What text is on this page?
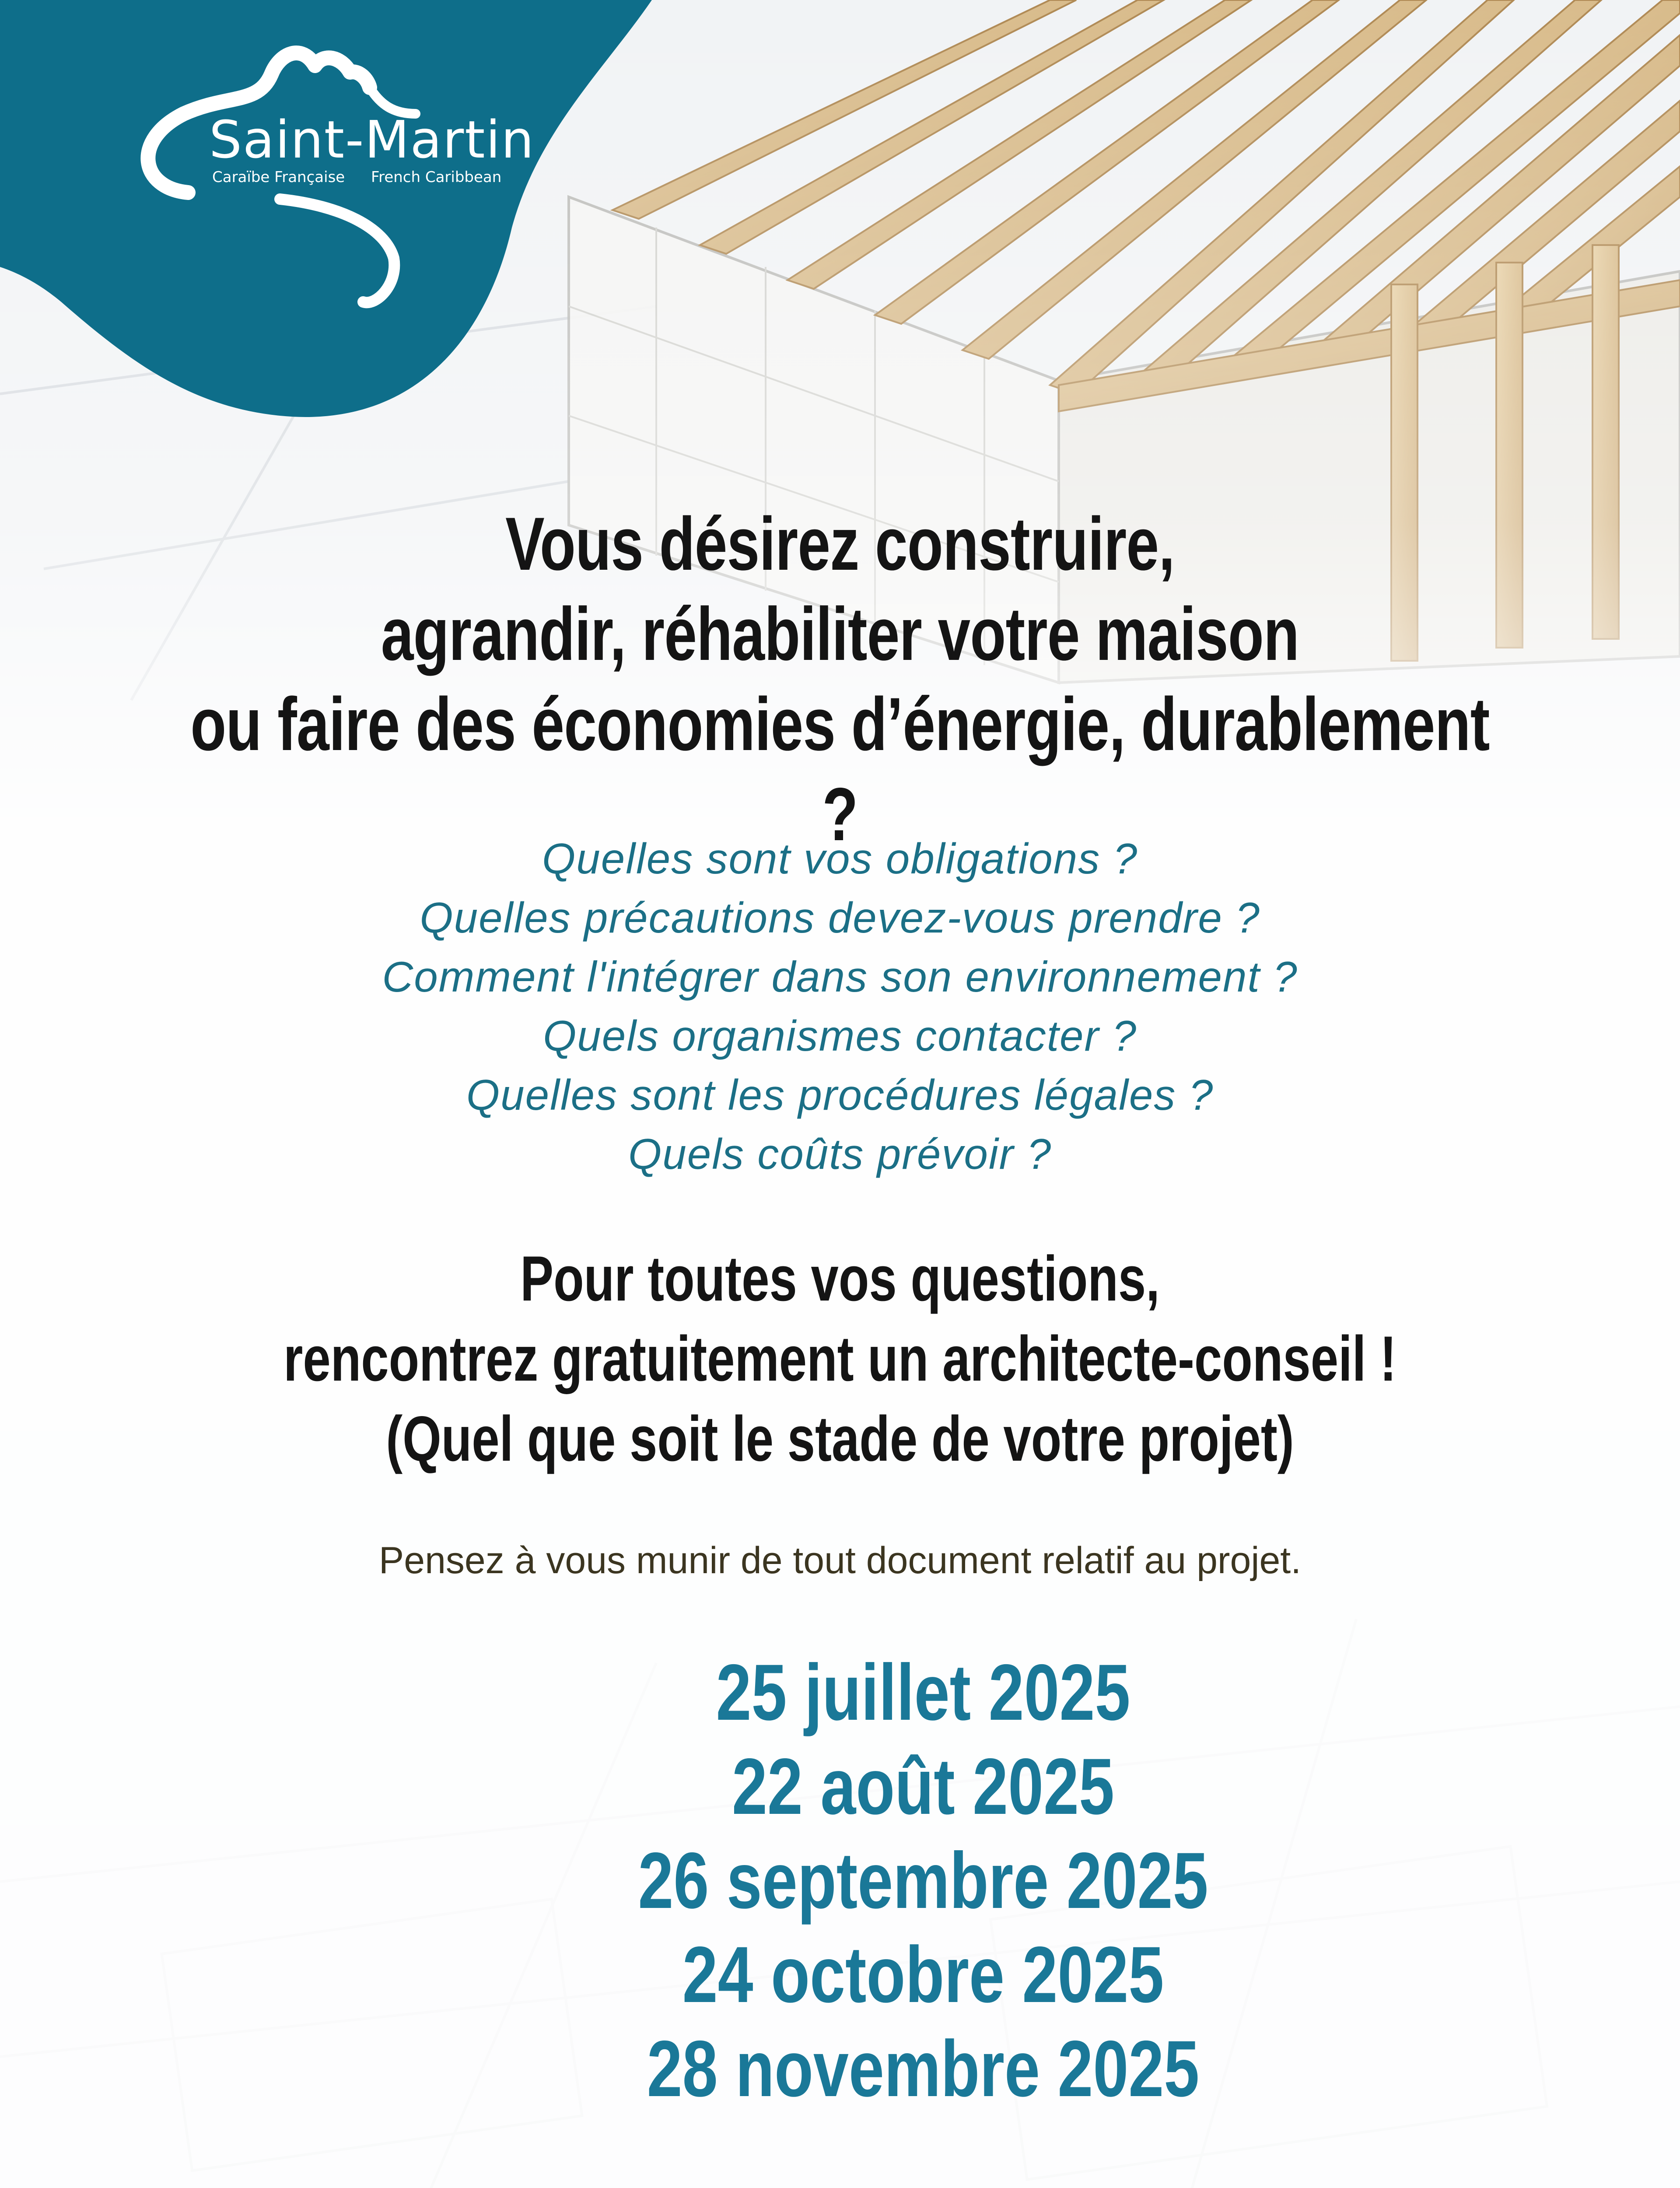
Saint-Martin
Caraïbe Française French Caribbean
Vous désirez construire,
agrandir, réhabiliter votre maison
ou faire des économies d’énergie, durablement ?
Quelles sont vos obligations ?
Quelles précautions devez-vous prendre ?
Comment l'intégrer dans son environnement ?
Quels organismes contacter ?
Quelles sont les procédures légales ?
Quels coûts prévoir ?
Pour toutes vos questions,
rencontrez gratuitement un architecte-conseil !
(Quel que soit le stade de votre projet)
Pensez à vous munir de tout document relatif au projet.
25 juillet 2025
22 août 2025
26 septembre 2025
24 octobre 2025
28 novembre 2025
